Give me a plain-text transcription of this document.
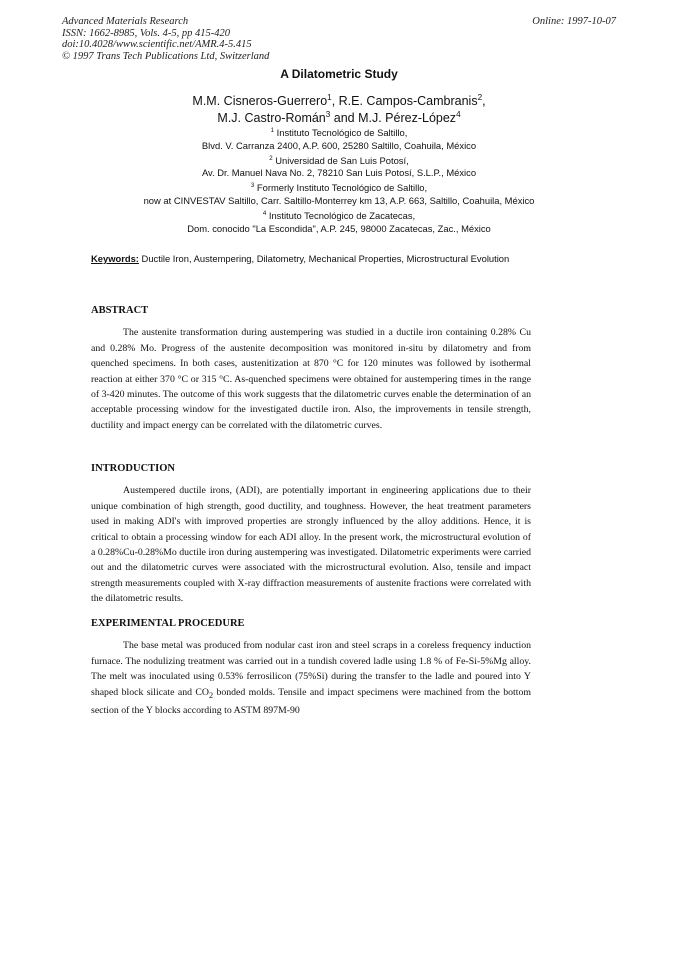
Advanced Materials Research
ISSN: 1662-8985, Vols. 4-5, pp 415-420
doi:10.4028/www.scientific.net/AMR.4-5.415
© 1997 Trans Tech Publications Ltd, Switzerland
Online: 1997-10-07
A Dilatometric Study
M.M. Cisneros-Guerrero$^1$, R.E. Campos-Cambranis$^2$,
M.J. Castro-Román$^3$ and M.J. Pérez-López$^4$
$^1$ Instituto Tecnológico de Saltillo,
Blvd. V. Carranza 2400, A.P. 600, 25280 Saltillo, Coahuila, México
$^2$ Universidad de San Luis Potosí,
Av. Dr. Manuel Nava No. 2, 78210 San Luis Potosí, S.L.P., México
$^3$ Formerly Instituto Tecnológico de Saltillo,
now at CINVESTAV Saltillo, Carr. Saltillo-Monterrey km 13, A.P. 663, Saltillo, Coahuila, México
$^4$ Instituto Tecnológico de Zacatecas,
Dom. conocido "La Escondida", A.P. 245, 98000 Zacatecas, Zac., México
Keywords: Ductile Iron, Austempering, Dilatometry, Mechanical Properties, Microstructural Evolution
ABSTRACT

The austenite transformation during austempering was studied in a ductile iron containing 0.28% Cu and 0.28% Mo. Progress of the austenite decomposition was monitored in-situ by dilatometry and from quenched specimens. In both cases, austenitization at 870 °C for 120 minutes was followed by isothermal reaction at either 370 °C or 315 °C. As-quenched specimens were obtained for austempering times in the range of 3-420 minutes. The outcome of this work suggests that the dilatometric curves enable the determination of an acceptable processing window for the investigated ductile iron. Also, the improvements in tensile strength, ductility and impact energy can be correlated with the dilatometric curves.

INTRODUCTION

Austempered ductile irons, (ADI), are potentially important in engineering applications due to their unique combination of high strength, good ductility, and toughness. However, the heat treatment parameters used in making ADI's with improved properties are strongly influenced by the alloy additions. Hence, it is critical to obtain a processing window for each ADI alloy. In the present work, the microstructural evolution of a 0.28%Cu-0.28%Mo ductile iron during austempering was investigated. Dilatometric experiments were carried out and the dilatometric curves were associated with the microstructural evolution. Also, tensile and impact strength measurements coupled with X-ray diffraction measurements of austenite fractions were correlated with the dilatometric results.

EXPERIMENTAL PROCEDURE

The base metal was produced from nodular cast iron and steel scraps in a coreless frequency induction furnace. The nodulizing treatment was carried out in a tundish covered ladle using 1.8 % of Fe-Si-5%Mg alloy. The melt was inoculated using 0.53% ferrosilicon (75%Si) during the transfer to the ladle and poured into Y shaped block silicate and $CO_2$ bonded molds. Tensile and impact specimens were machined from the bottom section of the Y blocks according to ASTM 897M-90
